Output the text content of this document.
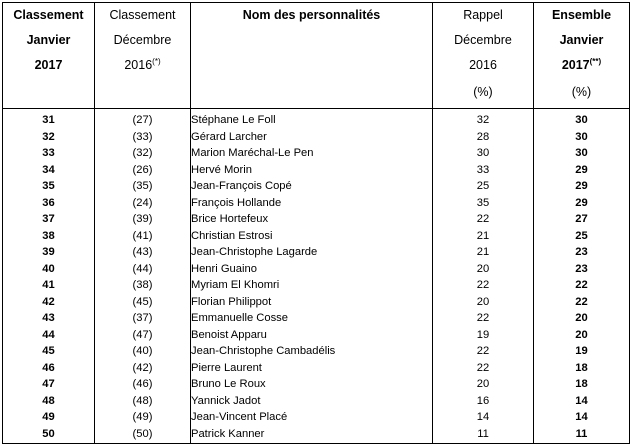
Classement
Janvier
2017	Classement
Décembre
2016(*)	Nom des personnalités	Rappel
Décembre
2016
(%)	Ensemble
Janvier
2017(**)
(%)

31	(27)	Stéphane Le Foll	32	30
32	(33)	Gérard Larcher	28	30
33	(32)	Marion Maréchal-Le Pen	30	30
34	(26)	Hervé Morin	33	29
35	(35)	Jean-François Copé	25	29
36	(24)	François Hollande	35	29
37	(39)	Brice Hortefeux	22	27
38	(41)	Christian Estrosi	21	25
39	(43)	Jean-Christophe Lagarde	21	23
40	(44)	Henri Guaino	20	23
41	(38)	Myriam El Khomri	22	22
42	(45)	Florian Philippot	20	22
43	(37)	Emmanuelle Cosse	22	20
44	(47)	Benoist Apparu	19	20
45	(40)	Jean-Christophe Cambadélis	22	19
46	(42)	Pierre Laurent	22	18
47	(46)	Bruno Le Roux	20	18
48	(48)	Yannick Jadot	16	14
49	(49)	Jean-Vincent Placé	14	14
50	(50)	Patrick Kanner	11	11
